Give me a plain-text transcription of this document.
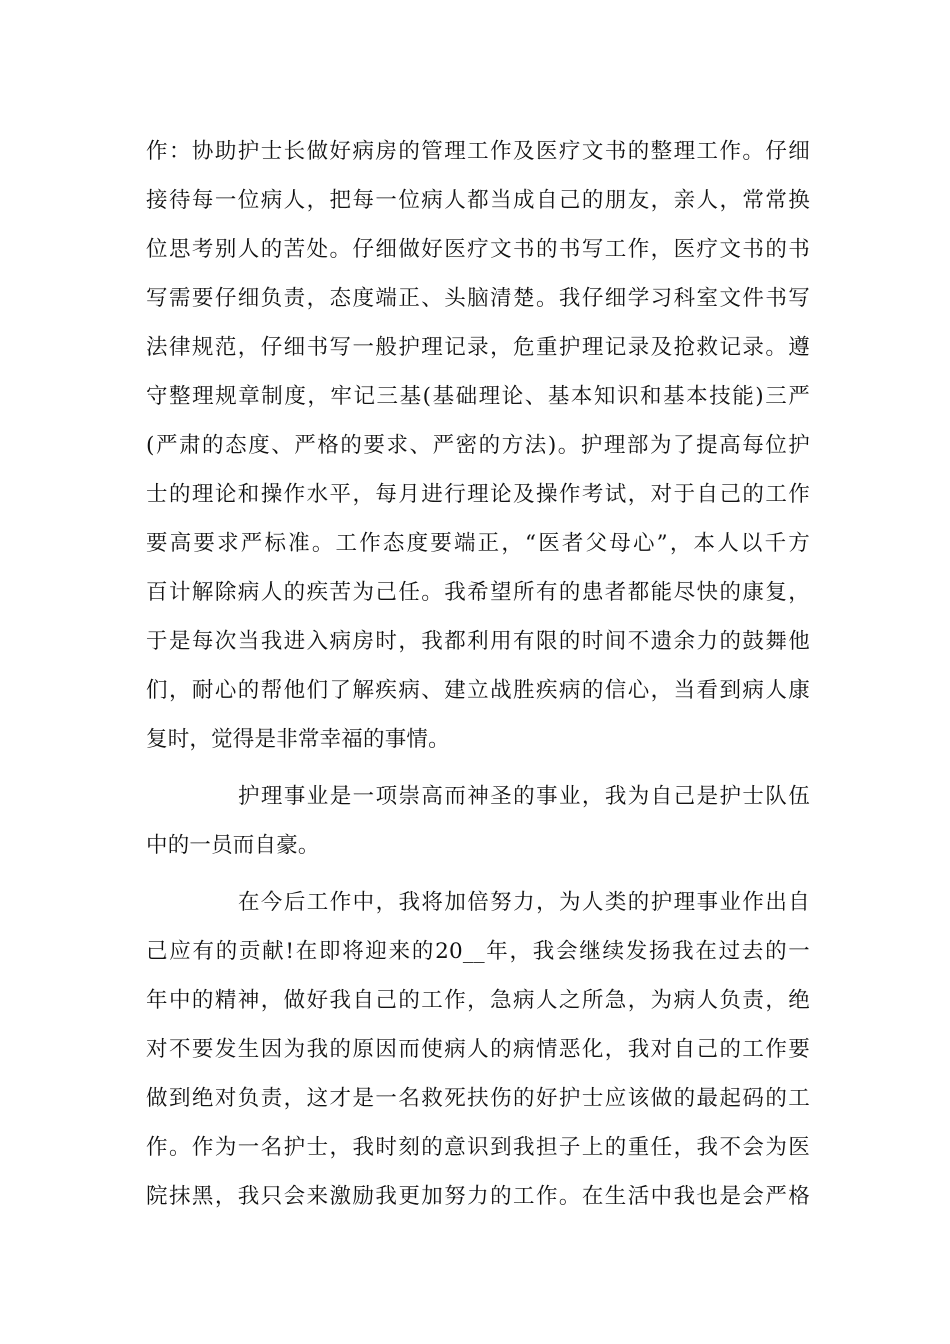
作：协助护士长做好病房的管理工作及医疗文书的整理工作。仔细
接待每一位病人，把每一位病人都当成自己的朋友，亲人，常常换
位思考别人的苦处。仔细做好医疗文书的书写工作，医疗文书的书
写需要仔细负责，态度端正、头脑清楚。我仔细学习科室文件书写
法律规范，仔细书写一般护理记录，危重护理记录及抢救记录。遵
守整理规章制度，牢记三基(基础理论、基本知识和基本技能)三严
(严肃的态度、严格的要求、严密的方法)。护理部为了提高每位护
士的理论和操作水平，每月进行理论及操作考试，对于自己的工作
要高要求严标准。工作态度要端正，“医者父母心”，本人以千方
百计解除病人的疾苦为己任。我希望所有的患者都能尽快的康复，
于是每次当我进入病房时，我都利用有限的时间不遗余力的鼓舞他
们，耐心的帮他们了解疾病、建立战胜疾病的信心，当看到病人康
复时，觉得是非常幸福的事情。
护理事业是一项崇高而神圣的事业，我为自己是护士队伍
中的一员而自豪。
在今后工作中，我将加倍努力，为人类的护理事业作出自
己应有的贡献!在即将迎来的20__年，我会继续发扬我在过去的一
年中的精神，做好我自己的工作，急病人之所急，为病人负责，绝
对不要发生因为我的原因而使病人的病情恶化，我对自己的工作要
做到绝对负责，这才是一名救死扶伤的好护士应该做的最起码的工
作。作为一名护士，我时刻的意识到我担子上的重任，我不会为医
院抹黑，我只会来激励我更加努力的工作。在生活中我也是会严格
